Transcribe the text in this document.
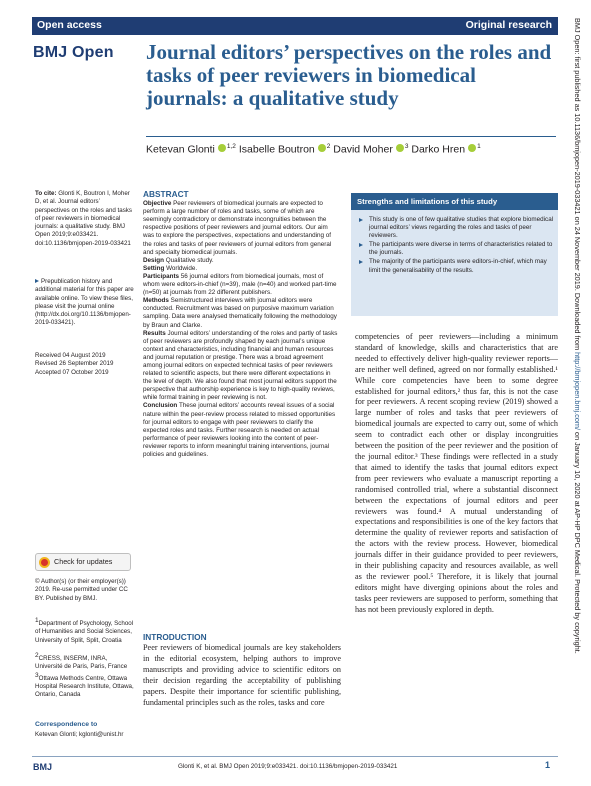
Open access	Original research
BMJ Open Journal editors’ perspectives on the roles and tasks of peer reviewers in biomedical journals: a qualitative study
Ketevan Glonti $^{1,2}$ Isabelle Boutron $^2$ David Moher $^3$ Darko Hren $^1$
To cite: Glonti K, Boutron I, Moher D, et al. Journal editors’ perspectives on the roles and tasks of peer reviewers in biomedical journals: a qualitative study. BMJ Open 2019;9:e033421. doi:10.1136/bmjopen-2019-033421
Prepublication history and additional material for this paper are available online. To view these files, please visit the journal online (http://dx.doi.org/10.1136/bmjopen-2019-033421).
Received 04 August 2019
Revised 26 September 2019
Accepted 07 October 2019
Check for updates
© Author(s) (or their employer(s)) 2019. Re-use permitted under CC BY. Published by BMJ.
$^1$Department of Psychology, School of Humanities and Social Sciences, University of Split, Split, Croatia
$^2$CRESS, INSERM, INRA, Université de Paris, Paris, France
$^3$Ottawa Methods Centre, Ottawa Hospital Research Institute, Ottawa, Ontario, Canada
Correspondence to
Ketevan Glonti; kglonti@unist.hr
ABSTRACT

Objective Peer reviewers of biomedical journals are expected to perform a large number of roles and tasks, some of which are seemingly contradictory or demonstrate incongruities between the respective positions of peer reviewers and journal editors. Our aim was to explore the perspectives, expectations and understanding of the roles and tasks of peer reviewers of journal editors from general and specialty biomedical journals.

Design Qualitative study.

Setting Worldwide.

Participants 56 journal editors from biomedical journals, most of whom were editors-in-chief (n=39), male (n=40) and worked part-time (n=50) at journals from 22 different publishers.

Methods Semistructured interviews with journal editors were conducted. Recruitment was based on purposive maximum variation sampling. Data were analysed thematically following the methodology by Braun and Clarke.

Results Journal editors’ understanding of the roles and partly of tasks of peer reviewers are profoundly shaped by each journal’s unique context and characteristics, including financial and human resources and journal reputation or prestige. There was a broad agreement among journal editors on expected technical tasks of peer reviewers related to scientific aspects, but there were different expectations in the level of depth. We also found that most journal editors support the perspective that authorship experience is key to high-quality reviews, while formal training in peer reviewing is not.

Conclusion These journal editors’ accounts reveal issues of a social nature within the peer-review process related to missed opportunities for journal editors to engage with peer reviewers to clarify the expected roles and tasks. Further research is needed on actual performance of peer reviewers looking into the content of peer-reviewer reports to inform meaningful training interventions, journal policies and guidelines.

INTRODUCTION
Peer reviewers of biomedical journals are key stakeholders in the editorial ecosystem, helping authors to improve manuscripts and providing advice to scientific editors on their decision regarding the acceptability of publishing papers. Despite their importance for scientific publishing, fundamental principles such as the roles, tasks and core
Strengths and limitations of this study
This study is one of few qualitative studies that explore biomedical journal editors’ views regarding the roles and tasks of peer reviewers.
The participants were diverse in terms of characteristics related to the journals.
The majority of the participants were editors-in-chief, which may limit the generalisability of the results.
competencies of peer reviewers—including a minimum standard of knowledge, skills and characteristics that are needed to effectively deliver high-quality reviewer reports—are neither well defined, agreed on nor formally established.¹ While core competencies have been to some degree established for journal editors,² thus far, this is not the case for peer reviewers. A recent scoping review (2019) showed a large number of roles and tasks that peer reviewers of biomedical journals are expected to carry out, some of which seem to contradict each other or display incongruities between the position of the peer reviewer and the position of the journal editor.³ These findings were reflected in a study that aimed to identify the tasks that journal editors expect from peer reviewers who evaluate a manuscript reporting a randomised controlled trial, where a substantial disconnect between the expectations of journal editors and peer reviewers was found.⁴ A mutual understanding of expectations and responsibilities is one of the key factors that determine the quality of reviewer reports and satisfaction of the actors with the review process. However, biomedical journals differ in their guidance provided to peer reviewers, in their publishing capacity and resources available, as well as the reviewer pool.⁵ Therefore, it is likely that journal editors might have diverging opinions about the roles and tasks peer reviewers are supposed to perform, something that has not been previously explored in depth.
BMJ	Glonti K, et al. BMJ Open 2019;9:e033421. doi:10.1136/bmjopen-2019-033421	1
BMJ Open: first published as 10.1136/bmjopen-2019-033421 on 24 November 2019. Downloaded from http://bmjopen.bmj.com/ on January 10, 2020 at AP-HP DPC Medical. Protected by copyright.
